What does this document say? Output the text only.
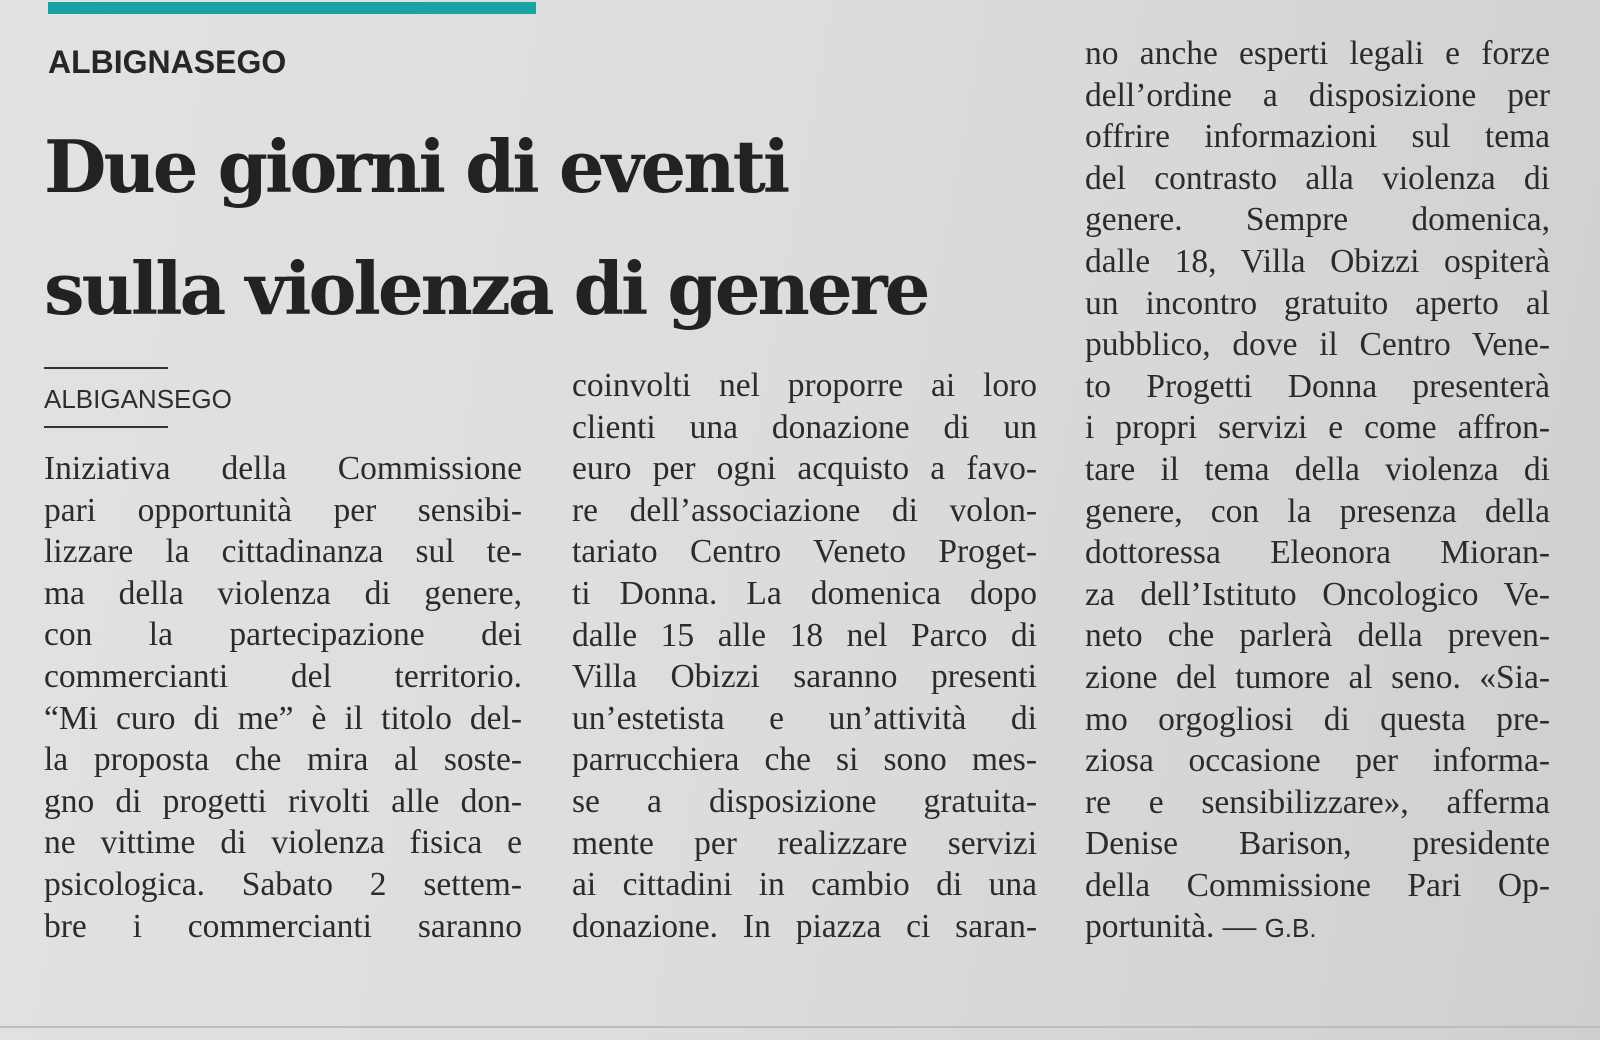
ALBIGNASEGO
Due giorni di eventi
sulla violenza di genere
ALBIGANSEGO
Iniziativa della Commissione
pari opportunità per sensibi-
lizzare la cittadinanza sul te-
ma della violenza di genere,
con la partecipazione dei
commercianti del territorio.
“Mi curo di me” è il titolo del-
la proposta che mira al soste-
gno di progetti rivolti alle don-
ne vittime di violenza fisica e
psicologica. Sabato 2 settem-
bre i commercianti saranno
coinvolti nel proporre ai loro
clienti una donazione di un
euro per ogni acquisto a favo-
re dell’associazione di volon-
tariato Centro Veneto Proget-
ti Donna. La domenica dopo
dalle 15 alle 18 nel Parco di
Villa Obizzi saranno presenti
un’estetista e un’attività di
parrucchiera che si sono mes-
se a disposizione gratuita-
mente per realizzare servizi
ai cittadini in cambio di una
donazione. In piazza ci saran-
no anche esperti legali e forze
dell’ordine a disposizione per
offrire informazioni sul tema
del contrasto alla violenza di
genere. Sempre domenica,
dalle 18, Villa Obizzi ospiterà
un incontro gratuito aperto al
pubblico, dove il Centro Vene-
to Progetti Donna presenterà
i propri servizi e come affron-
tare il tema della violenza di
genere, con la presenza della
dottoressa Eleonora Mioran-
za dell’Istituto Oncologico Ve-
neto che parlerà della preven-
zione del tumore al seno. «Sia-
mo orgogliosi di questa pre-
ziosa occasione per informa-
re e sensibilizzare», afferma
Denise Barison, presidente
della Commissione Pari Op-
portunità. — G.B.
